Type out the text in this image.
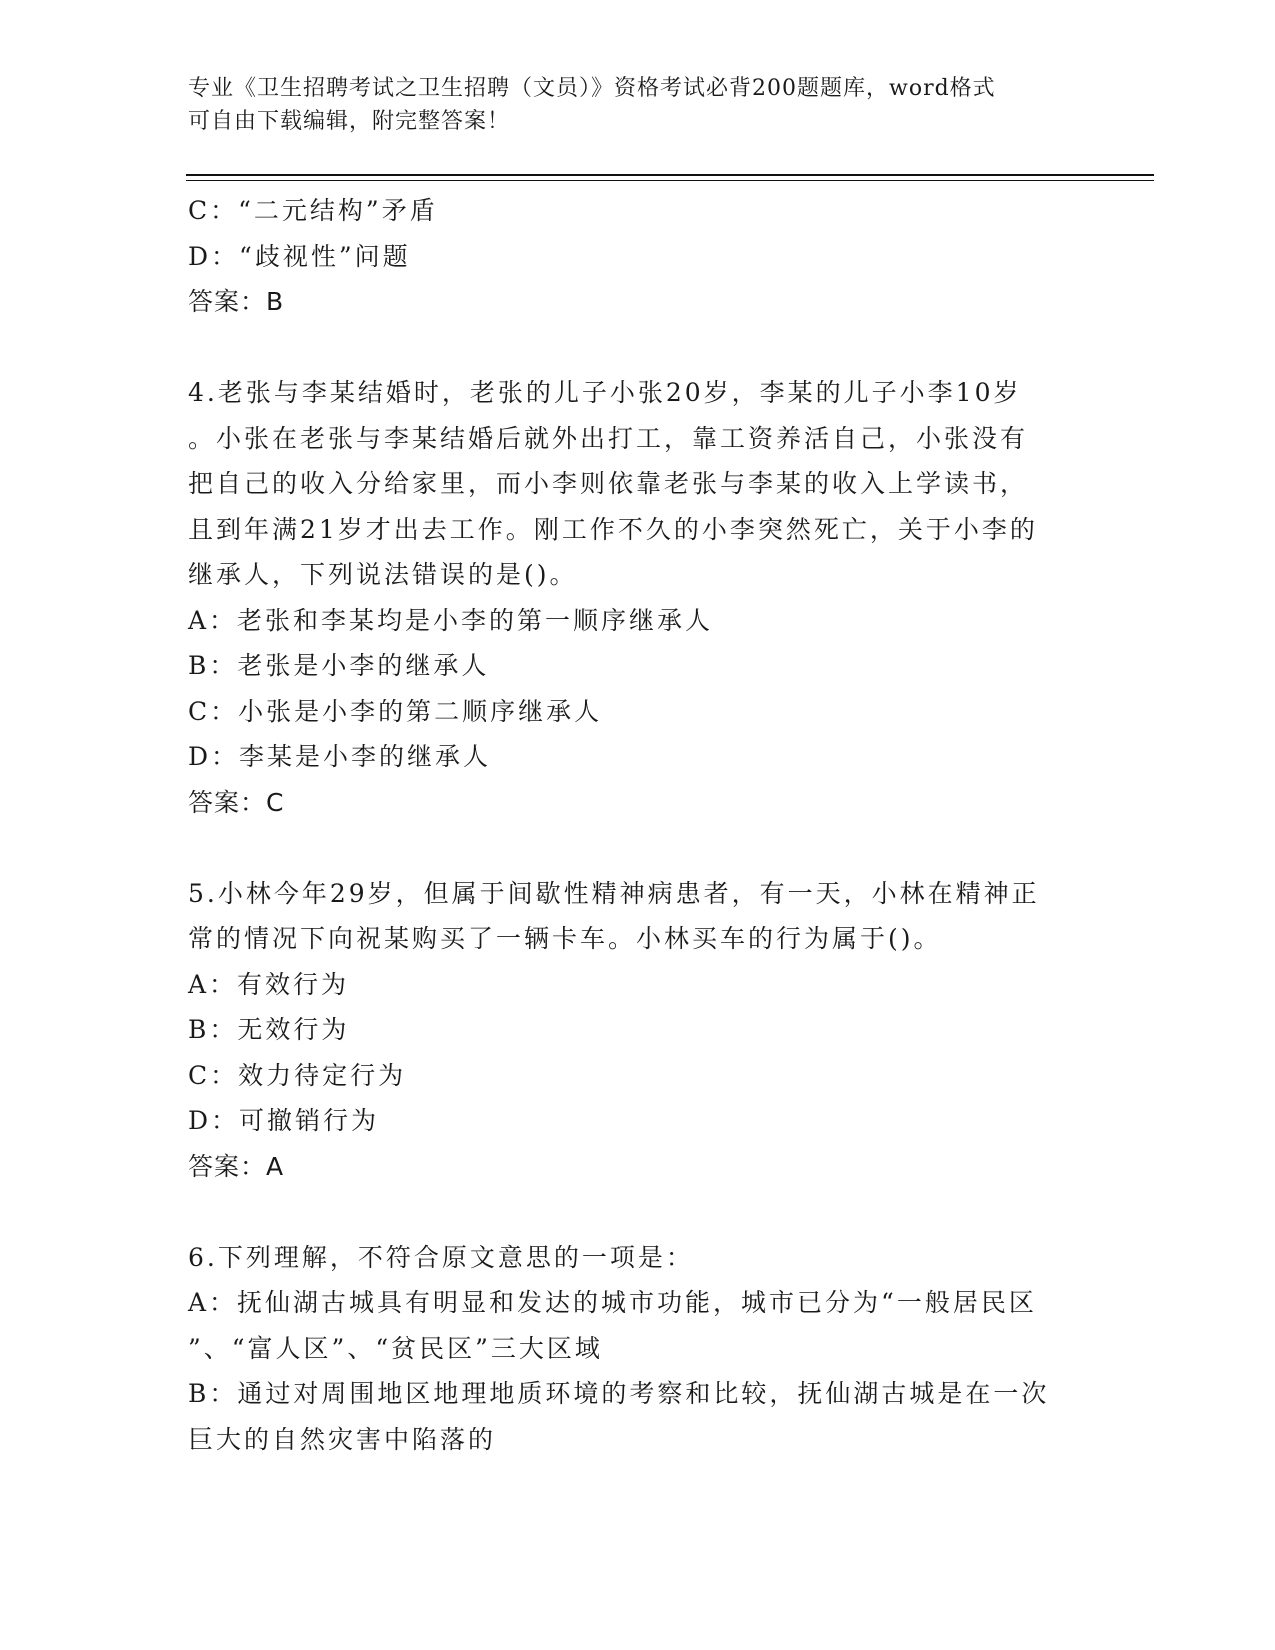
专业《卫生招聘考试之卫生招聘（文员）》资格考试必背200题题库，word格式
可自由下载编辑，附完整答案！
C：“二元结构”矛盾
D：“歧视性”问题
答案：B
4.老张与李某结婚时，老张的儿子小张20岁，李某的儿子小李10岁
。小张在老张与李某结婚后就外出打工，靠工资养活自己，小张没有
把自己的收入分给家里，而小李则依靠老张与李某的收入上学读书，
且到年满21岁才出去工作。刚工作不久的小李突然死亡，关于小李的
继承人，下列说法错误的是()。
A：老张和李某均是小李的第一顺序继承人
B：老张是小李的继承人
C：小张是小李的第二顺序继承人
D：李某是小李的继承人
答案：C
5.小林今年29岁，但属于间歇性精神病患者，有一天，小林在精神正
常的情况下向祝某购买了一辆卡车。小林买车的行为属于()。
A：有效行为
B：无效行为
C：效力待定行为
D：可撤销行为
答案：A
6.下列理解，不符合原文意思的一项是：
A：抚仙湖古城具有明显和发达的城市功能，城市已分为“一般居民区
”、“富人区”、“贫民区”三大区域
B：通过对周围地区地理地质环境的考察和比较，抚仙湖古城是在一次
巨大的自然灾害中陷落的
